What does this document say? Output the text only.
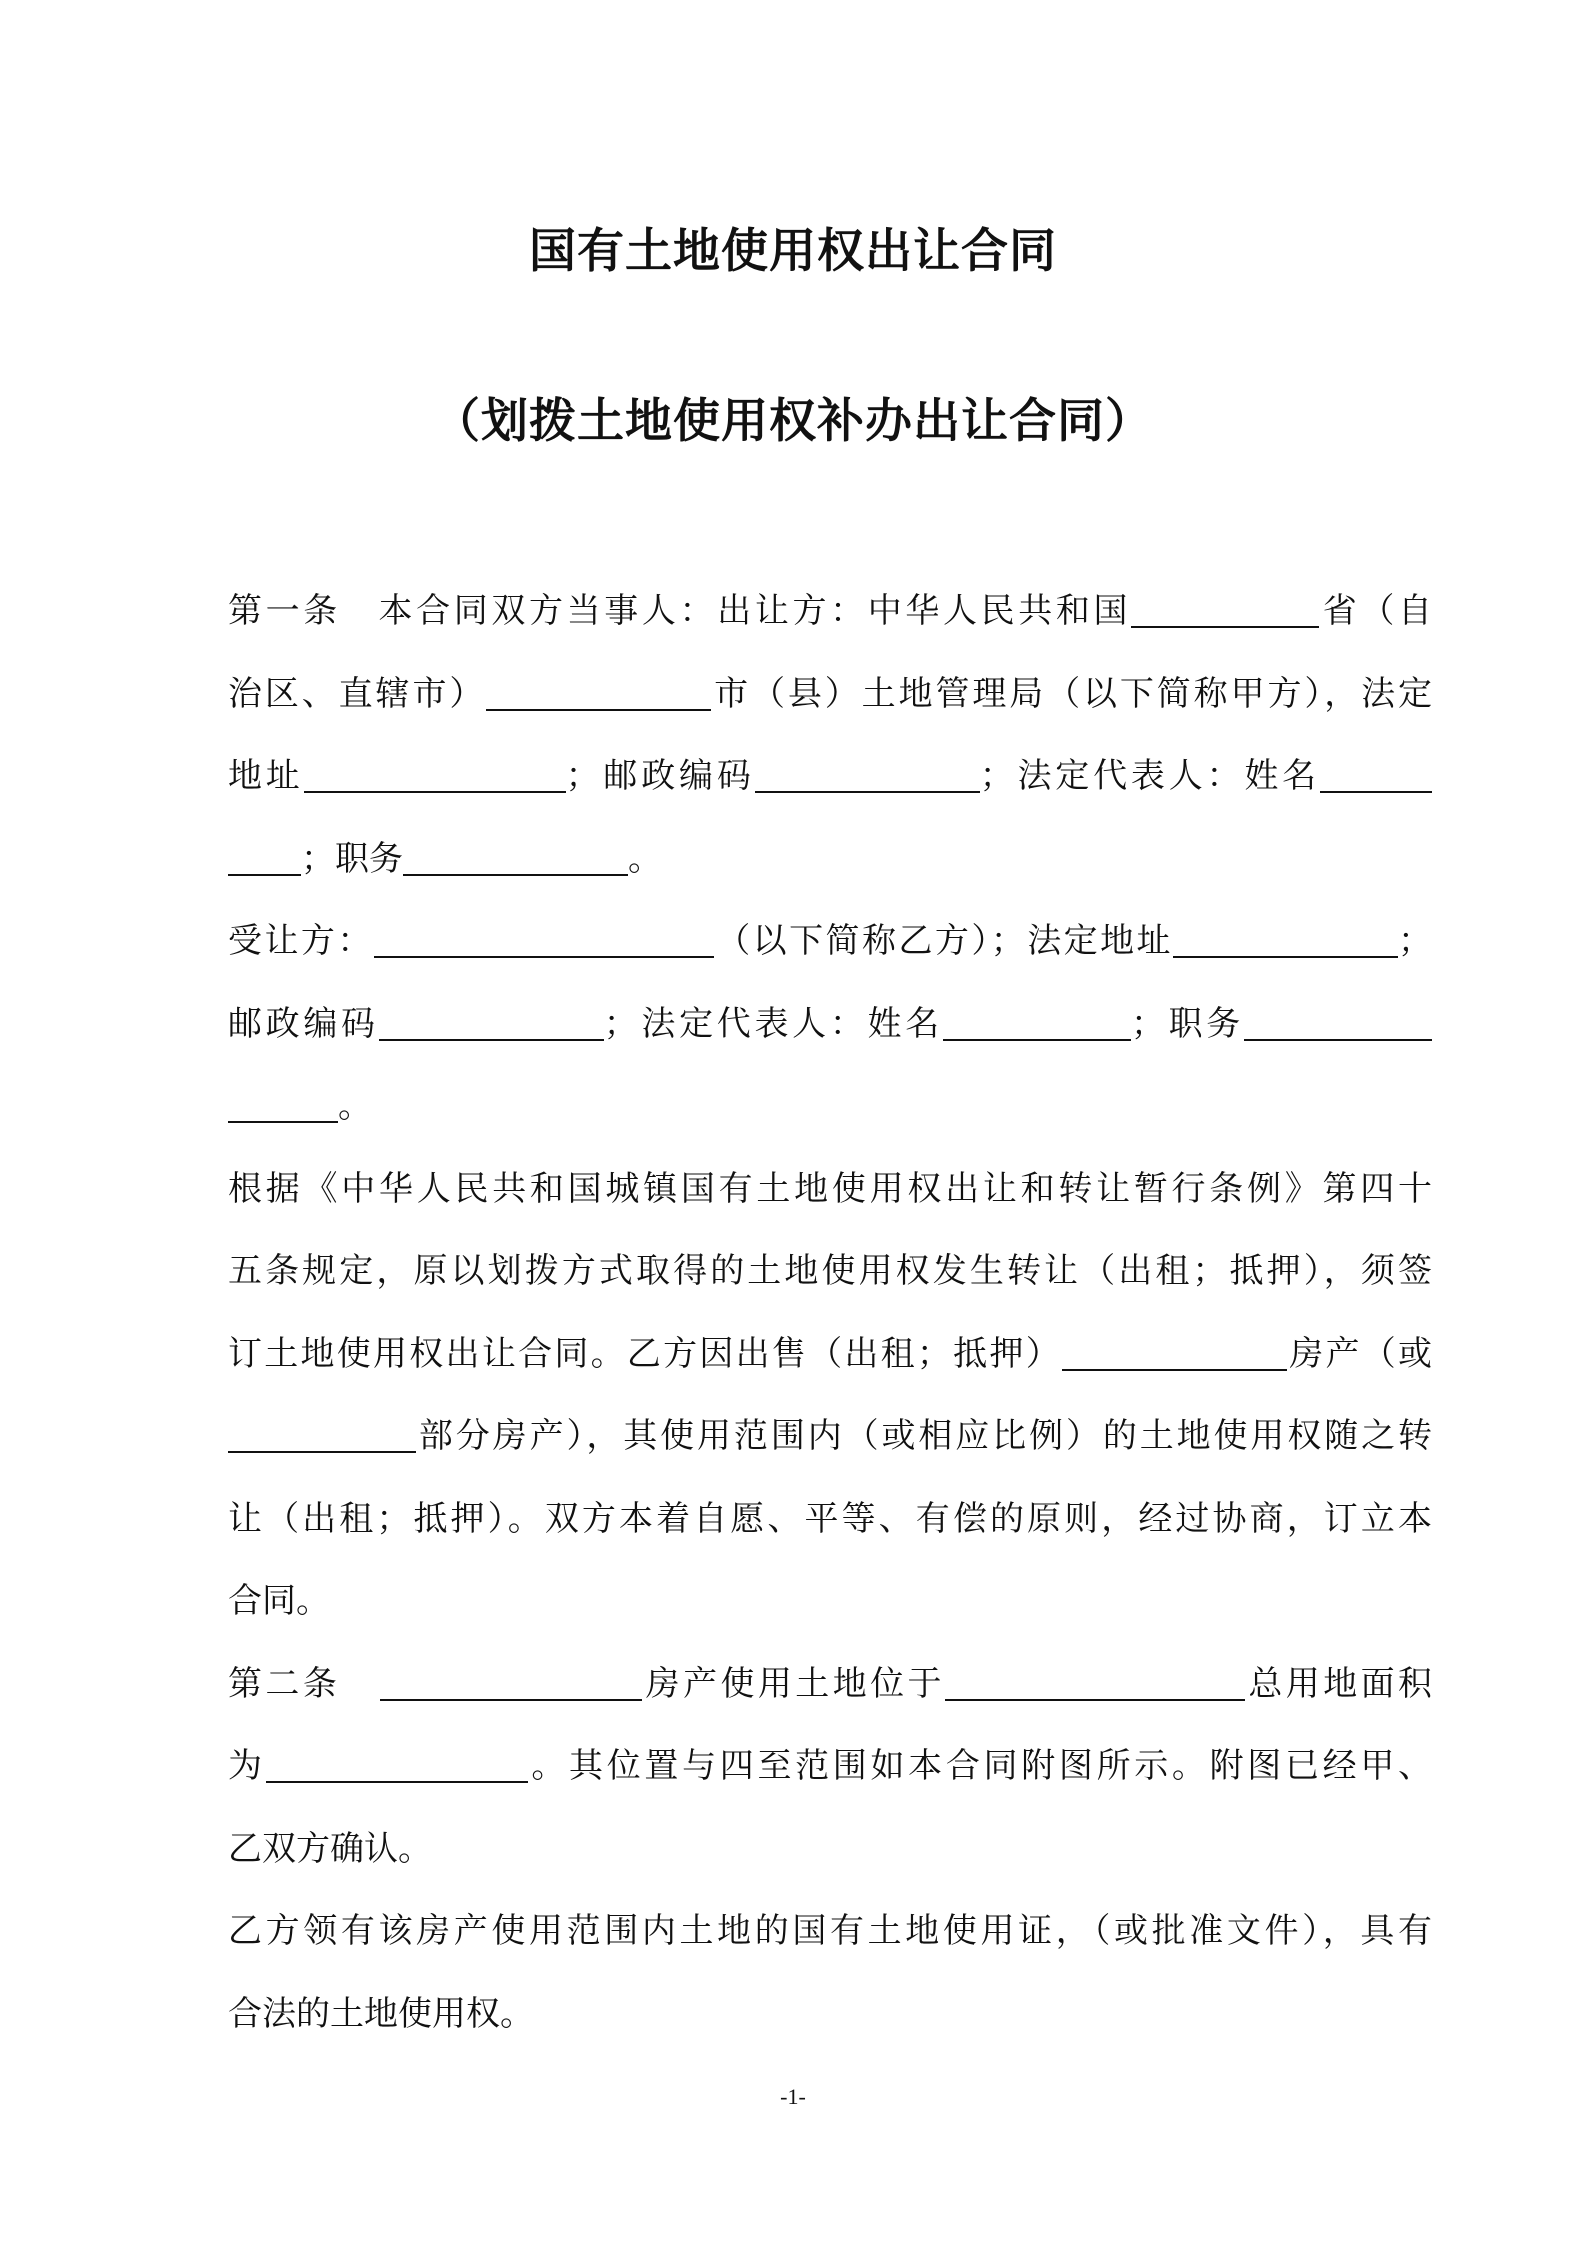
国有土地使用权出让合同
（划拨土地使用权补办出让合同）
第一条 本合同双方当事人：出让方：中华人民共和国	省（自
治区、直辖市）	市（县）土地管理局（以下简称甲方），法定
地址	；邮政编码	；法定代表人：姓名
；职务	。
受让方：	（以下简称乙方）；法定地址	；
邮政编码	；法定代表人：姓名	；职务
。
根据《中华人民共和国城镇国有土地使用权出让和转让暂行条例》第四十
五条规定，原以划拨方式取得的土地使用权发生转让（出租；抵押），须签
订土地使用权出让合同。乙方因出售（出租；抵押）	房产（或
部分房产），其使用范围内（或相应比例）的土地使用权随之转
让（出租；抵押）。双方本着自愿、平等、有偿的原则，经过协商，订立本
合同。
第二条	房产使用土地位于	总用地面积
为	。其位置与四至范围如本合同附图所示。附图已经甲、
乙双方确认。
乙方领有该房产使用范围内土地的国有土地使用证，（或批准文件），具有
合法的土地使用权。
-1-
